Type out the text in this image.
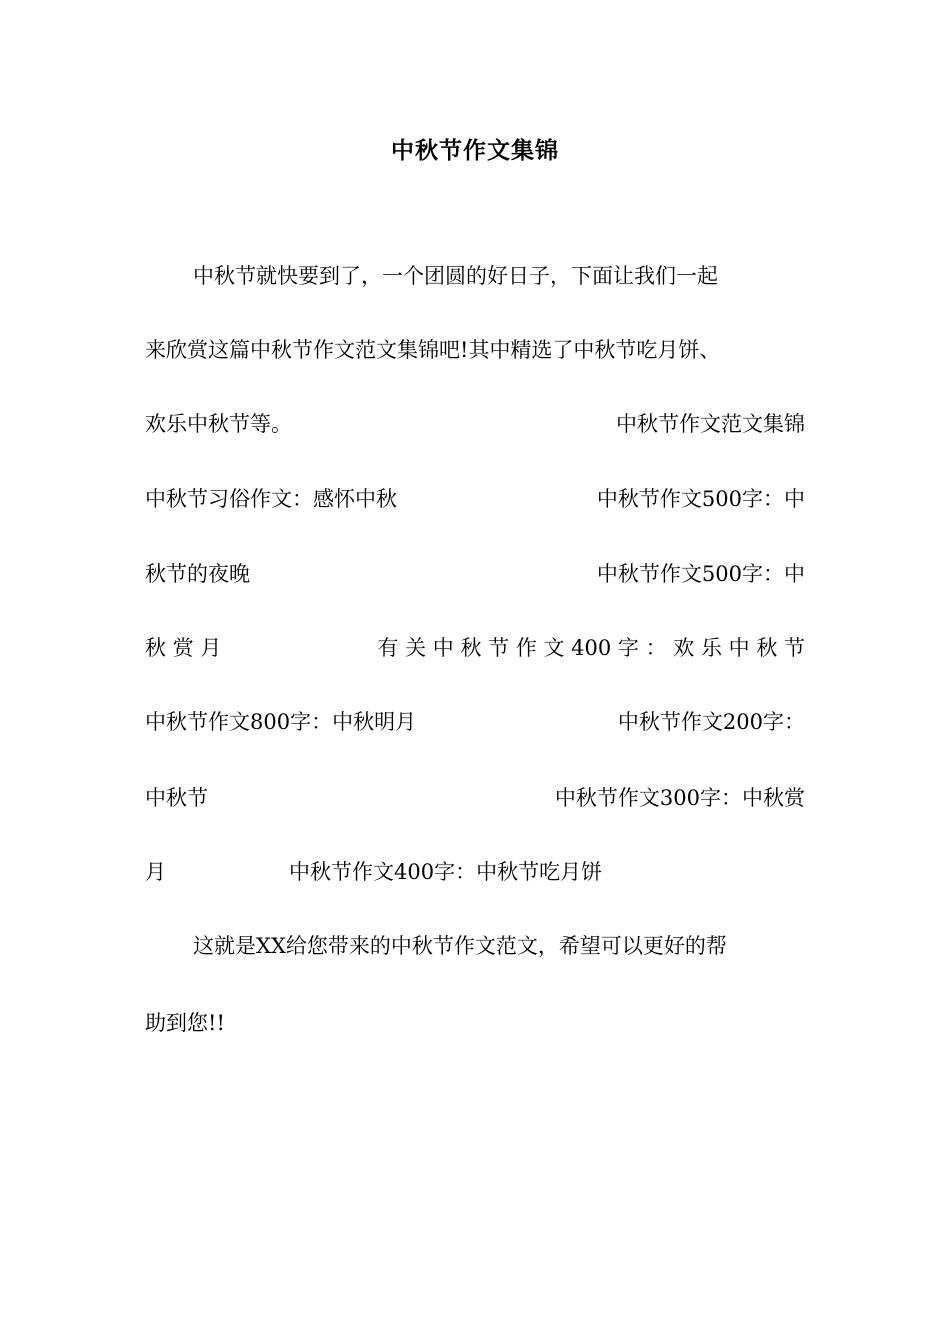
中秋节作文集锦
中秋节就快要到了，一个团圆的好日子，下面让我们一起
来欣赏这篇中秋节作文范文集锦吧!其中精选了中秋节吃月饼、
欢乐中秋节等。	中秋节作文范文集锦
中秋节习俗作文：感怀中秋	中秋节作文500字：中
秋节的夜晚	中秋节作文500字：中
秋 赏 月	有 关 中 秋 节 作 文 400 字 ： 欢 乐 中 秋 节
中秋节作文800字：中秋明月	中秋节作文200字：
中秋节	中秋节作文300字：中秋赏
月	中秋节作文400字：中秋节吃月饼
这就是XX给您带来的中秋节作文范文，希望可以更好的帮
助到您!!
